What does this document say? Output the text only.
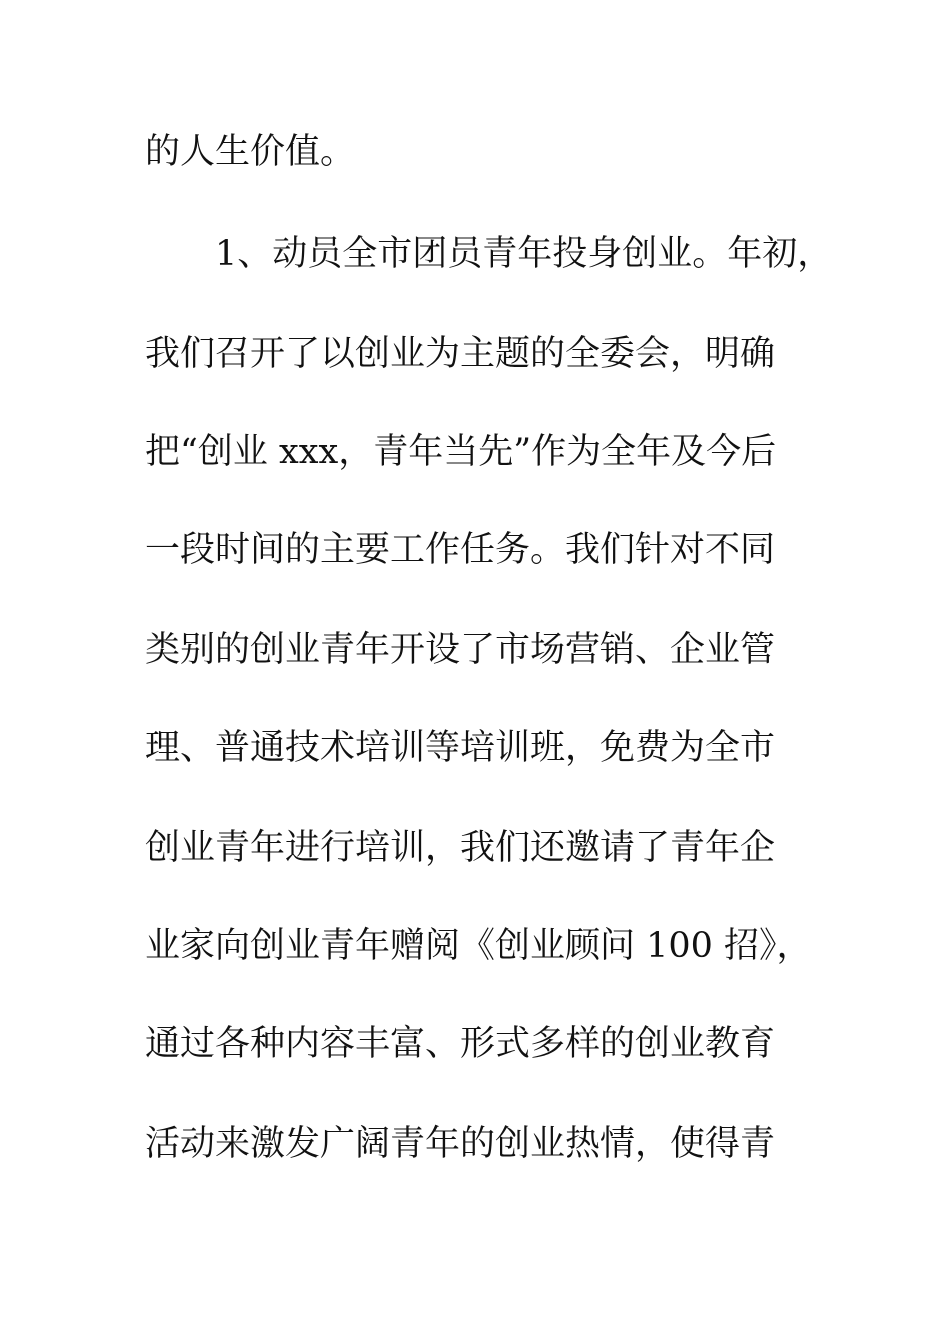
的人生价值。
1、动员全市团员青年投身创业。年初，
我们召开了以创业为主题的全委会，明确
把“创业 xxx，青年当先”作为全年及今后
一段时间的主要工作任务。我们针对不同
类别的创业青年开设了市场营销、企业管
理、普通技术培训等培训班，免费为全市
创业青年进行培训，我们还邀请了青年企
业家向创业青年赠阅《创业顾问 100 招》，
通过各种内容丰富、形式多样的创业教育
活动来激发广阔青年的创业热情，使得青
